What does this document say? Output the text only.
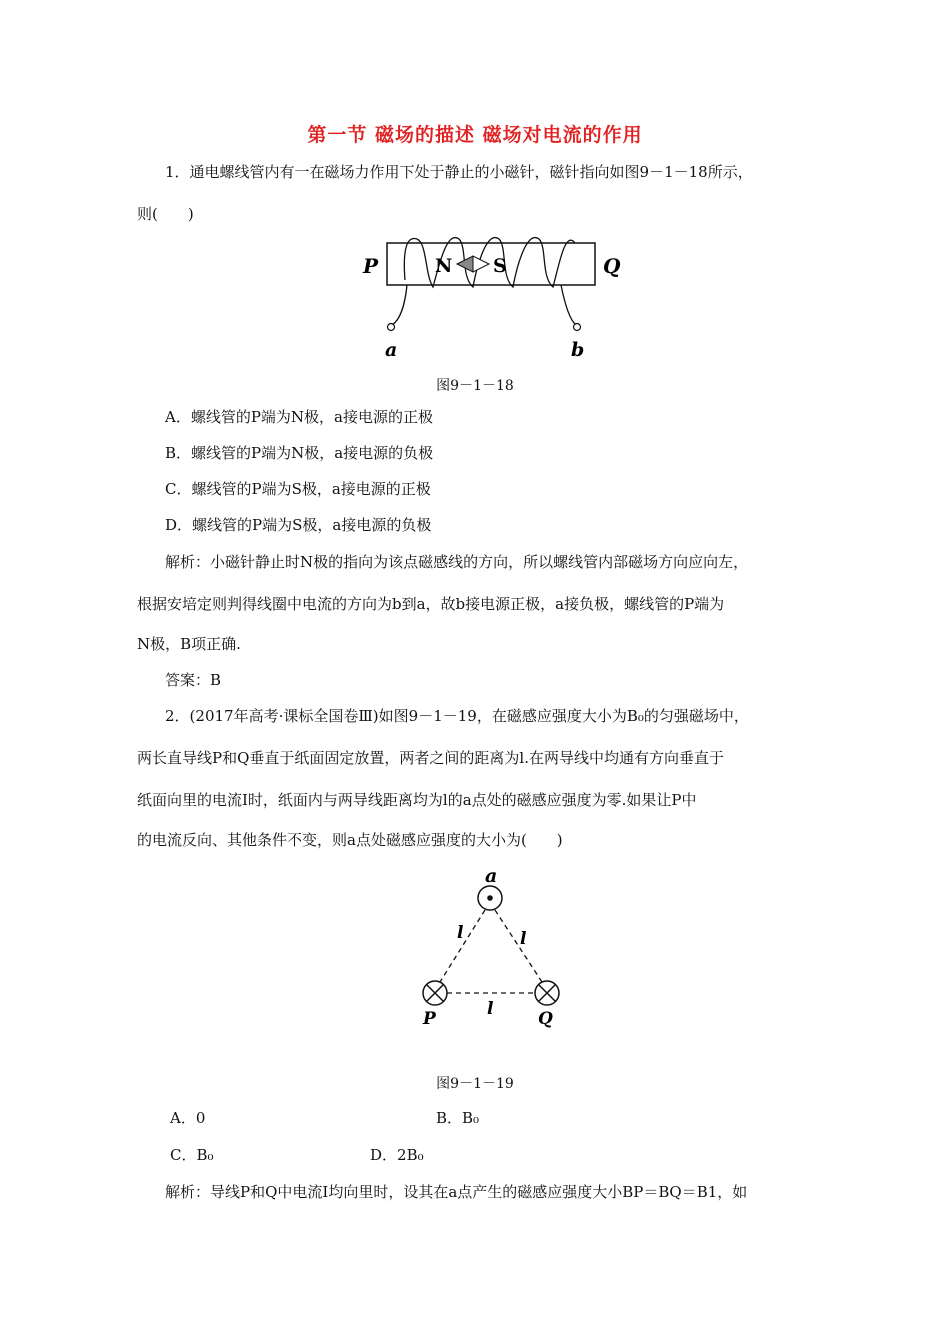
第一节 磁场的描述 磁场对电流的作用
1．通电螺线管内有一在磁场力作用下处于静止的小磁针，磁针指向如图9－1－18所示，
则(　　)
N S
P	Q
a	b
图9－1－18
A．螺线管的P端为N极，a接电源的正极
B．螺线管的P端为N极，a接电源的负极
C．螺线管的P端为S极，a接电源的正极
D．螺线管的P端为S极，a接电源的负极
解析：小磁针静止时N极的指向为该点磁感线的方向，所以螺线管内部磁场方向应向左，
根据安培定则判得线圈中电流的方向为b到a，故b接电源正极，a接负极，螺线管的P端为
N极，B项正确.
答案：B
2．(2017年高考·课标全国卷Ⅲ)如图9－1－19，在磁感应强度大小为B₀的匀强磁场中，
两长直导线P和Q垂直于纸面固定放置，两者之间的距离为l.在两导线中均通有方向垂直于
纸面向里的电流I时，纸面内与两导线距离均为l的a点处的磁感应强度为零.如果让P中
的电流反向、其他条件不变，则a点处磁感应强度的大小为(　　)
a
l	l
l
P	Q
图9－1－19
A．0	B．B₀
C．B₀	D．2B₀
解析：导线P和Q中电流I均向里时，设其在a点产生的磁感应强度大小BP＝BQ＝B1，如
